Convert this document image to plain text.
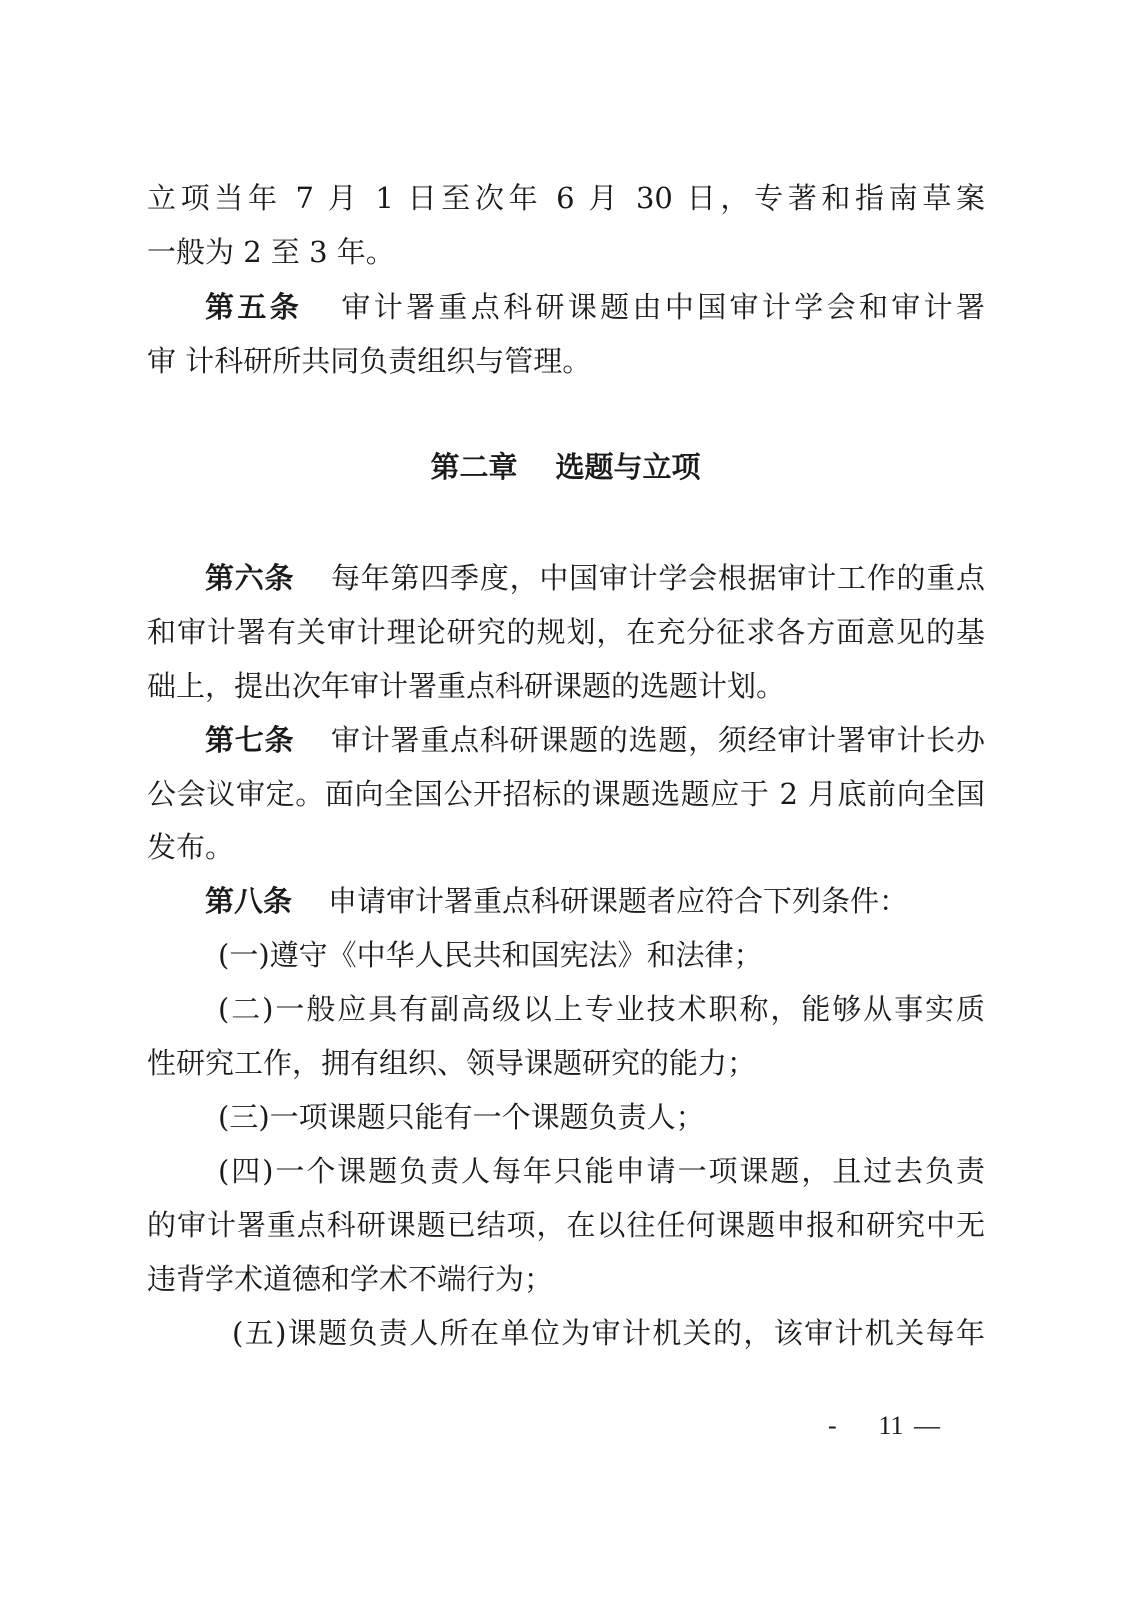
立项当年 7 月 1 日至次年 6 月 30 日，专著和指南草案
一般为 2 至 3 年。
第五条 审计署重点科研课题由中国审计学会和审计署
审 计科研所共同负责组织与管理。
第二章 选题与立项
第六条 每年第四季度，中国审计学会根据审计工作的重点
和审计署有关审计理论研究的规划，在充分征求各方面意见的基
础上，提出次年审计署重点科研课题的选题计划。
第七条 审计署重点科研课题的选题，须经审计署审计长办
公会议审定。面向全国公开招标的课题选题应于 2 月底前向全国
发布。
第八条 申请审计署重点科研课题者应符合下列条件：
(一)遵守《中华人民共和国宪法》和法律；
(二)一般应具有副高级以上专业技术职称，能够从事实质
性研究工作，拥有组织、领导课题研究的能力；
(三)一项课题只能有一个课题负责人；
(四)一个课题负责人每年只能申请一项课题，且过去负责
的审计署重点科研课题已结项，在以往任何课题申报和研究中无
违背学术道德和学术不端行为；
(五)课题负责人所在单位为审计机关的，该审计机关每年
- 11 —
